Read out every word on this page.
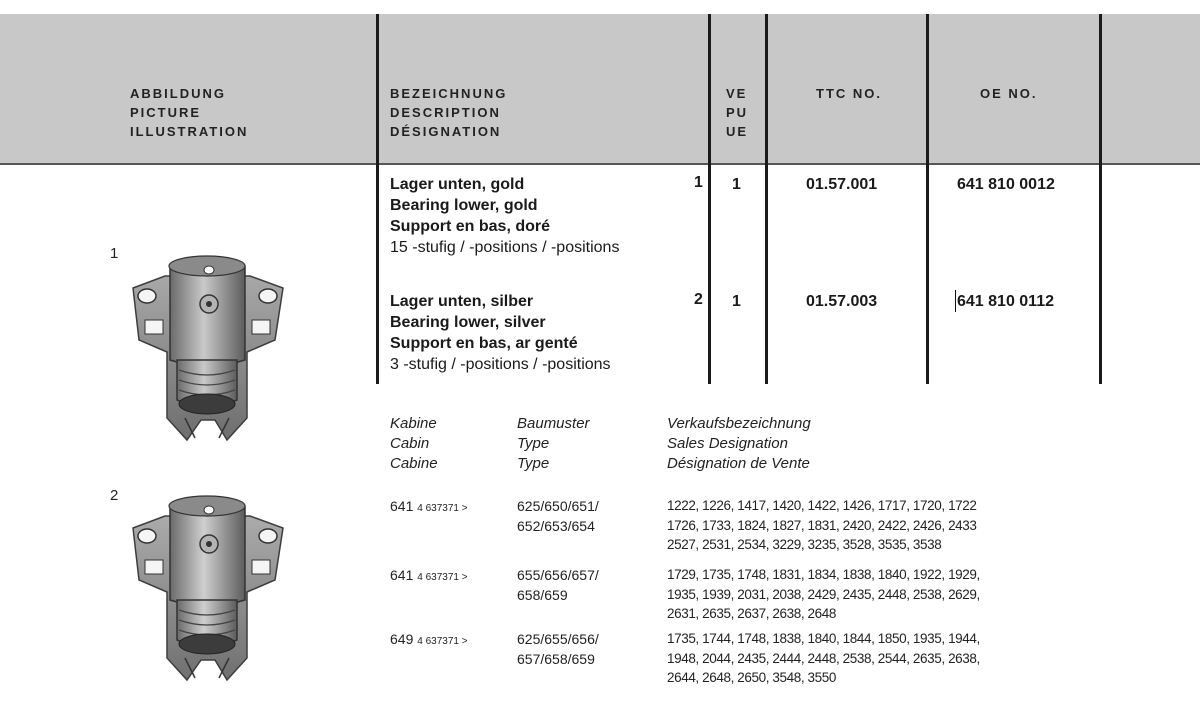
ABBILDUNG
PICTURE
ILLUSTRATION
BEZEICHNUNG
DESCRIPTION
DÉSIGNATION
VE
PU
UE
TTC NO.	OE NO.
Lager unten, gold
Bearing lower, gold
Support en bas, doré
15 -stufig / -positions / -positions
1 1	01.57.001	641 810 0012
Lager unten, silber
Bearing lower, silver
Support en bas, ar genté
3 -stufig / -positions / -positions
2 1	01.57.003	641 810 0112
1
2
Kabine
Cabin
Cabine
Baumuster
Type
Type
Verkaufsbezeichnung
Sales Designation
Désignation de Vente
641 4 637371 >	625/650/651/
652/653/654
1222, 1226, 1417, 1420, 1422, 1426, 1717, 1720, 1722
1726, 1733, 1824, 1827, 1831, 2420, 2422, 2426, 2433
2527, 2531, 2534, 3229, 3235, 3528, 3535, 3538
641 4 637371 >	655/656/657/
658/659
1729, 1735, 1748, 1831, 1834, 1838, 1840, 1922, 1929,
1935, 1939, 2031, 2038, 2429, 2435, 2448, 2538, 2629,
2631, 2635, 2637, 2638, 2648
649 4 637371 >	625/655/656/
657/658/659
1735, 1744, 1748, 1838, 1840, 1844, 1850, 1935, 1944,
1948, 2044, 2435, 2444, 2448, 2538, 2544, 2635, 2638,
2644, 2648, 2650, 3548, 3550
